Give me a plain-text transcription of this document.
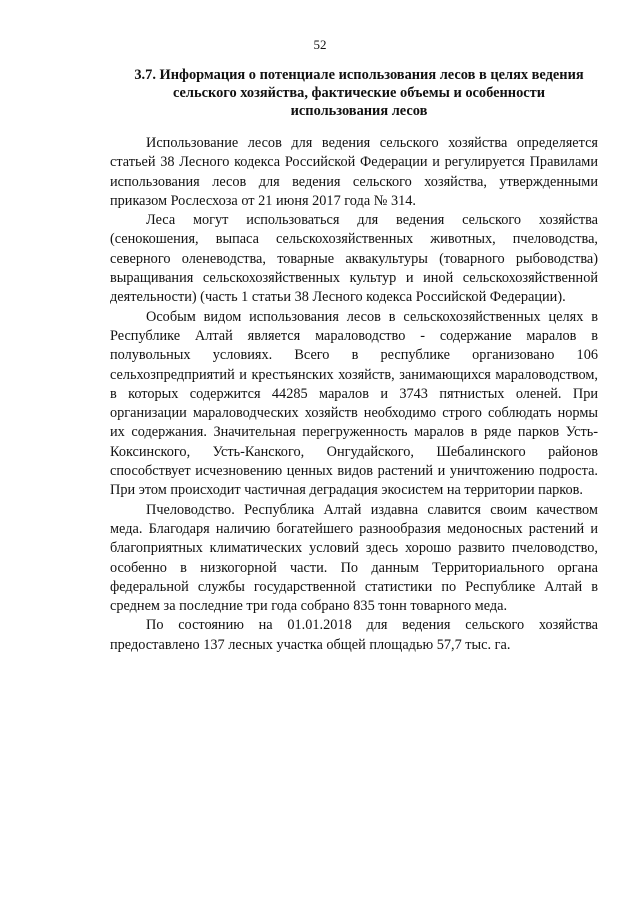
52
3.7. Информация о потенциале использования лесов в целях ведения
сельского хозяйства, фактические объемы и особенности
использования лесов

Использование лесов для ведения сельского хозяйства определяется статьей 38 Лесного кодекса Российской Федерации и регулируется Правилами использования лесов для ведения сельского хозяйства, утвержденными приказом Рослесхоза от 21 июня 2017 года № 314.

Леса могут использоваться для ведения сельского хозяйства (сенокошения, выпаса сельскохозяйственных животных, пчеловодства, северного оленеводства, товарные аквакультуры (товарного рыбоводства) выращивания сельскохозяйственных культур и иной сельскохозяйственной деятельности) (часть 1 статьи 38 Лесного кодекса Российской Федерации).

Особым видом использования лесов в сельскохозяйственных целях в Республике Алтай является мараловодство - содержание маралов в полувольных условиях. Всего в республике организовано 106 сельхозпредприятий и крестьянских хозяйств, занимающихся мараловодством, в которых содержится 44285 маралов и 3743 пятнистых оленей. При организации мараловодческих хозяйств необходимо строго соблюдать нормы их содержания. Значительная перегруженность маралов в ряде парков Усть-Коксинского, Усть-Канского, Онгудайского, Шебалинского районов способствует исчезновению ценных видов растений и уничтожению подроста. При этом происходит частичная деградация экосистем на территории парков.

Пчеловодство. Республика Алтай издавна славится своим качеством меда. Благодаря наличию богатейшего разнообразия медоносных растений и благоприятных климатических условий здесь хорошо развито пчеловодство, особенно в низкогорной части. По данным Территориального органа федеральной службы государственной статистики по Республике Алтай в среднем за последние три года собрано 835 тонн товарного меда.

По состоянию на 01.01.2018 для ведения сельского хозяйства предоставлено 137 лесных участка общей площадью 57,7 тыс. га.
